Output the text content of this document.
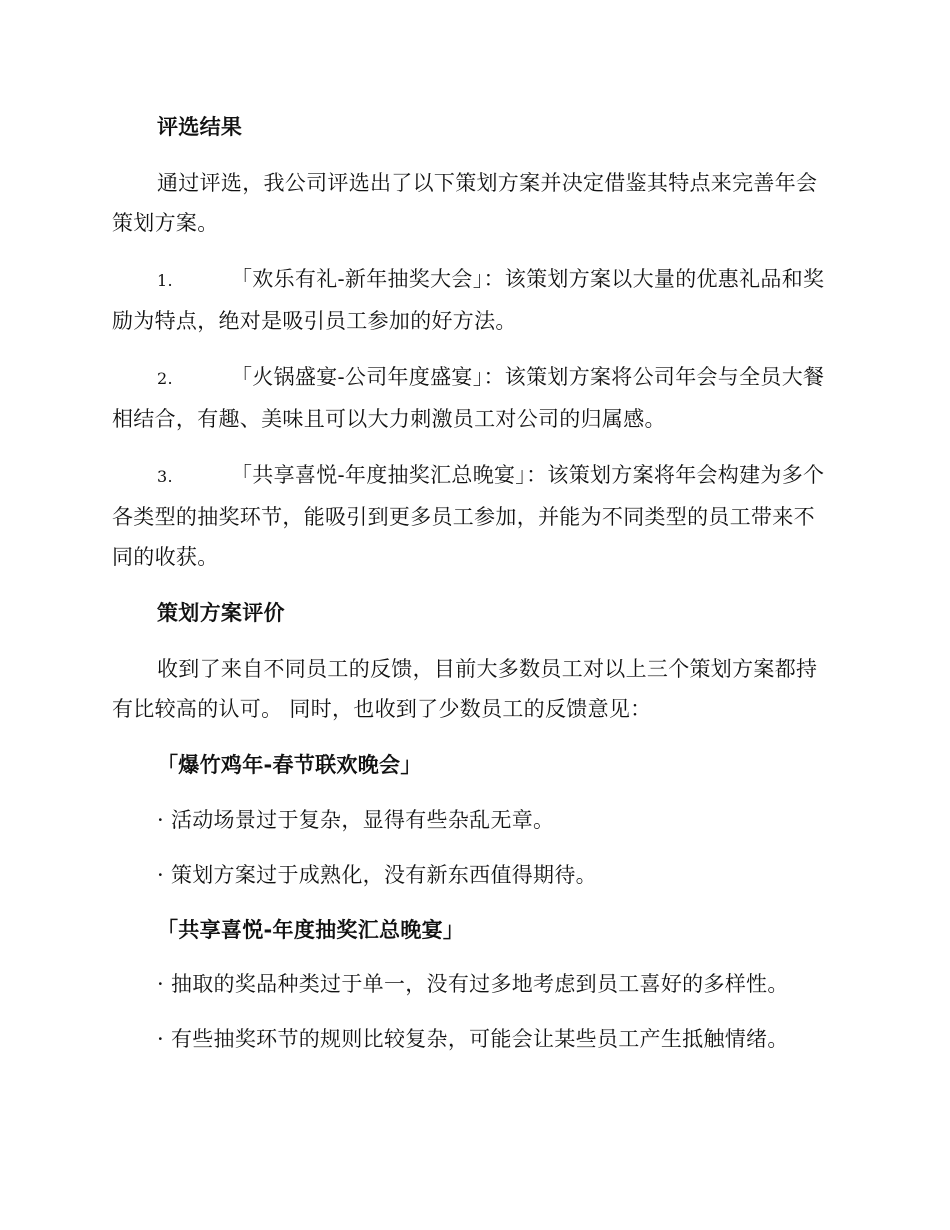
评选结果
通过评选，我公司评选出了以下策划方案并决定借鉴其特点来完善年会策划方案。
1.	「欢乐有礼-新年抽奖大会」：该策划方案以大量的优惠礼品和奖励为特点，绝对是吸引员工参加的好方法。
2.	「火锅盛宴-公司年度盛宴」：该策划方案将公司年会与全员大餐相结合，有趣、美味且可以大力刺激员工对公司的归属感。
3.	「共享喜悦-年度抽奖汇总晚宴」：该策划方案将年会构建为多个各类型的抽奖环节，能吸引到更多员工参加，并能为不同类型的员工带来不同的收获。
策划方案评价
收到了来自不同员工的反馈，目前大多数员工对以上三个策划方案都持有比较高的认可。 同时，也收到了少数员工的反馈意见：
「爆竹鸡年-春节联欢晚会」
· 活动场景过于复杂，显得有些杂乱无章。
· 策划方案过于成熟化，没有新东西值得期待。
「共享喜悦-年度抽奖汇总晚宴」
· 抽取的奖品种类过于单一，没有过多地考虑到员工喜好的多样性。
· 有些抽奖环节的规则比较复杂，可能会让某些员工产生抵触情绪。
